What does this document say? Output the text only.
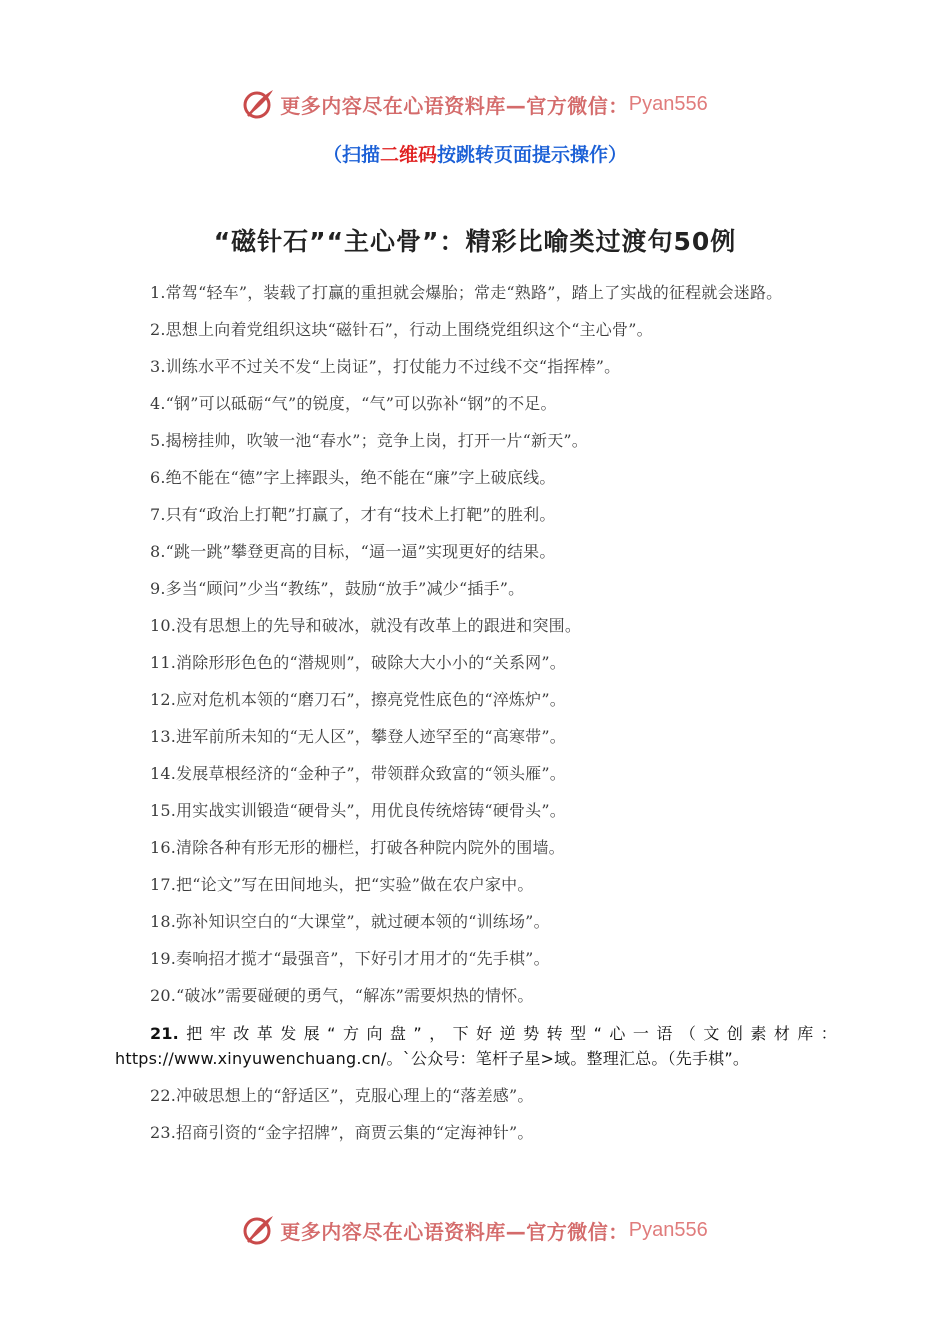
更多内容尽在心语资料库—官方微信： Pyan556
（扫描二维码按跳转页面提示操作）
“磁针石”“主心骨”：精彩比喻类过渡句50例
1.常驾“轻车”，装载了打赢的重担就会爆胎；常走“熟路”，踏上了实战的征程就会迷路。
2.思想上向着党组织这块“磁针石”，行动上围绕党组织这个“主心骨”。
3.训练水平不过关不发“上岗证”，打仗能力不过线不交“指挥棒”。
4.“钢”可以砥砺“气”的锐度，“气”可以弥补“钢”的不足。
5.揭榜挂帅，吹皱一池“春水”；竞争上岗，打开一片“新天”。
6.绝不能在“德”字上摔跟头，绝不能在“廉”字上破底线。
7.只有“政治上打靶”打赢了，才有“技术上打靶”的胜利。
8.“跳一跳”攀登更高的目标，“逼一逼”实现更好的结果。
9.多当“顾问”少当“教练”，鼓励“放手”减少“插手”。
10.没有思想上的先导和破冰，就没有改革上的跟进和突围。
11.消除形形色色的“潜规则”，破除大大小小的“关系网”。
12.应对危机本领的“磨刀石”，擦亮党性底色的“淬炼炉”。
13.进军前所未知的“无人区”，攀登人迹罕至的“高寒带”。
14.发展草根经济的“金种子”，带领群众致富的“领头雁”。
15.用实战实训锻造“硬骨头”，用优良传统熔铸“硬骨头”。
16.清除各种有形无形的栅栏，打破各种院内院外的围墙。
17.把“论文”写在田间地头，把“实验”做在农户家中。
18.弥补知识空白的“大课堂”，就过硬本领的“训练场”。
19.奏响招才揽才“最强音”，下好引才用才的“先手棋”。
20.“破冰”需要碰硬的勇气，“解冻”需要炽热的情怀。
21.把牢改革发展“方向盘”，下好逆势转型“心一语（文创素材库：https://www.xinyuwenchuang.cn/。`公众号：笔杆子星>域。整理汇总。（先手棋”。
22.冲破思想上的“舒适区”，克服心理上的“落差感”。
23.招商引资的“金字招牌”，商贾云集的“定海神针”。
更多内容尽在心语资料库—官方微信： Pyan556
